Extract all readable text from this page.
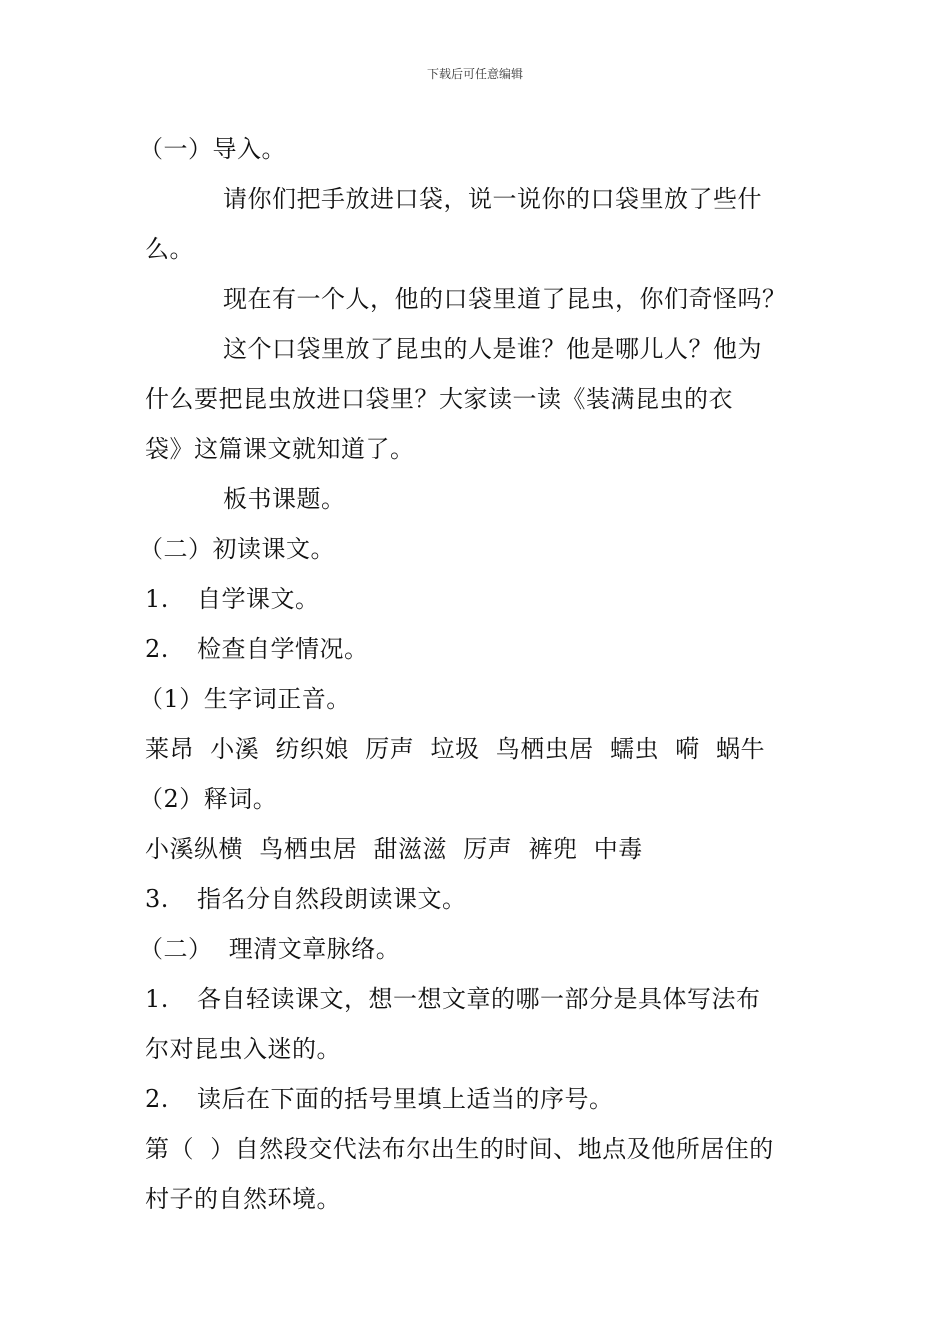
下载后可任意编辑
（一）导入。
请你们把手放进口袋，说一说你的口袋里放了些什
么。
现在有一个人，他的口袋里道了昆虫，你们奇怪吗？
这个口袋里放了昆虫的人是谁？他是哪儿人？他为
什么要把昆虫放进口袋里？大家读一读《装满昆虫的衣
袋》这篇课文就知道了。
板书课题。
（二）初读课文。
1. 自学课文。
2. 检查自学情况。
（1）生字词正音。
莱昂  小溪  纺织娘  厉声  垃圾  鸟栖虫居  蠕虫  嗬  蜗牛
（2）释词。
小溪纵横  鸟栖虫居  甜滋滋  厉声  裤兜  中毒
3. 指名分自然段朗读课文。
（二）  理清文章脉络。
1. 各自轻读课文，想一想文章的哪一部分是具体写法布
尔对昆虫入迷的。
2. 读后在下面的括号里填上适当的序号。
第（  ）自然段交代法布尔出生的时间、地点及他所居住的
村子的自然环境。
